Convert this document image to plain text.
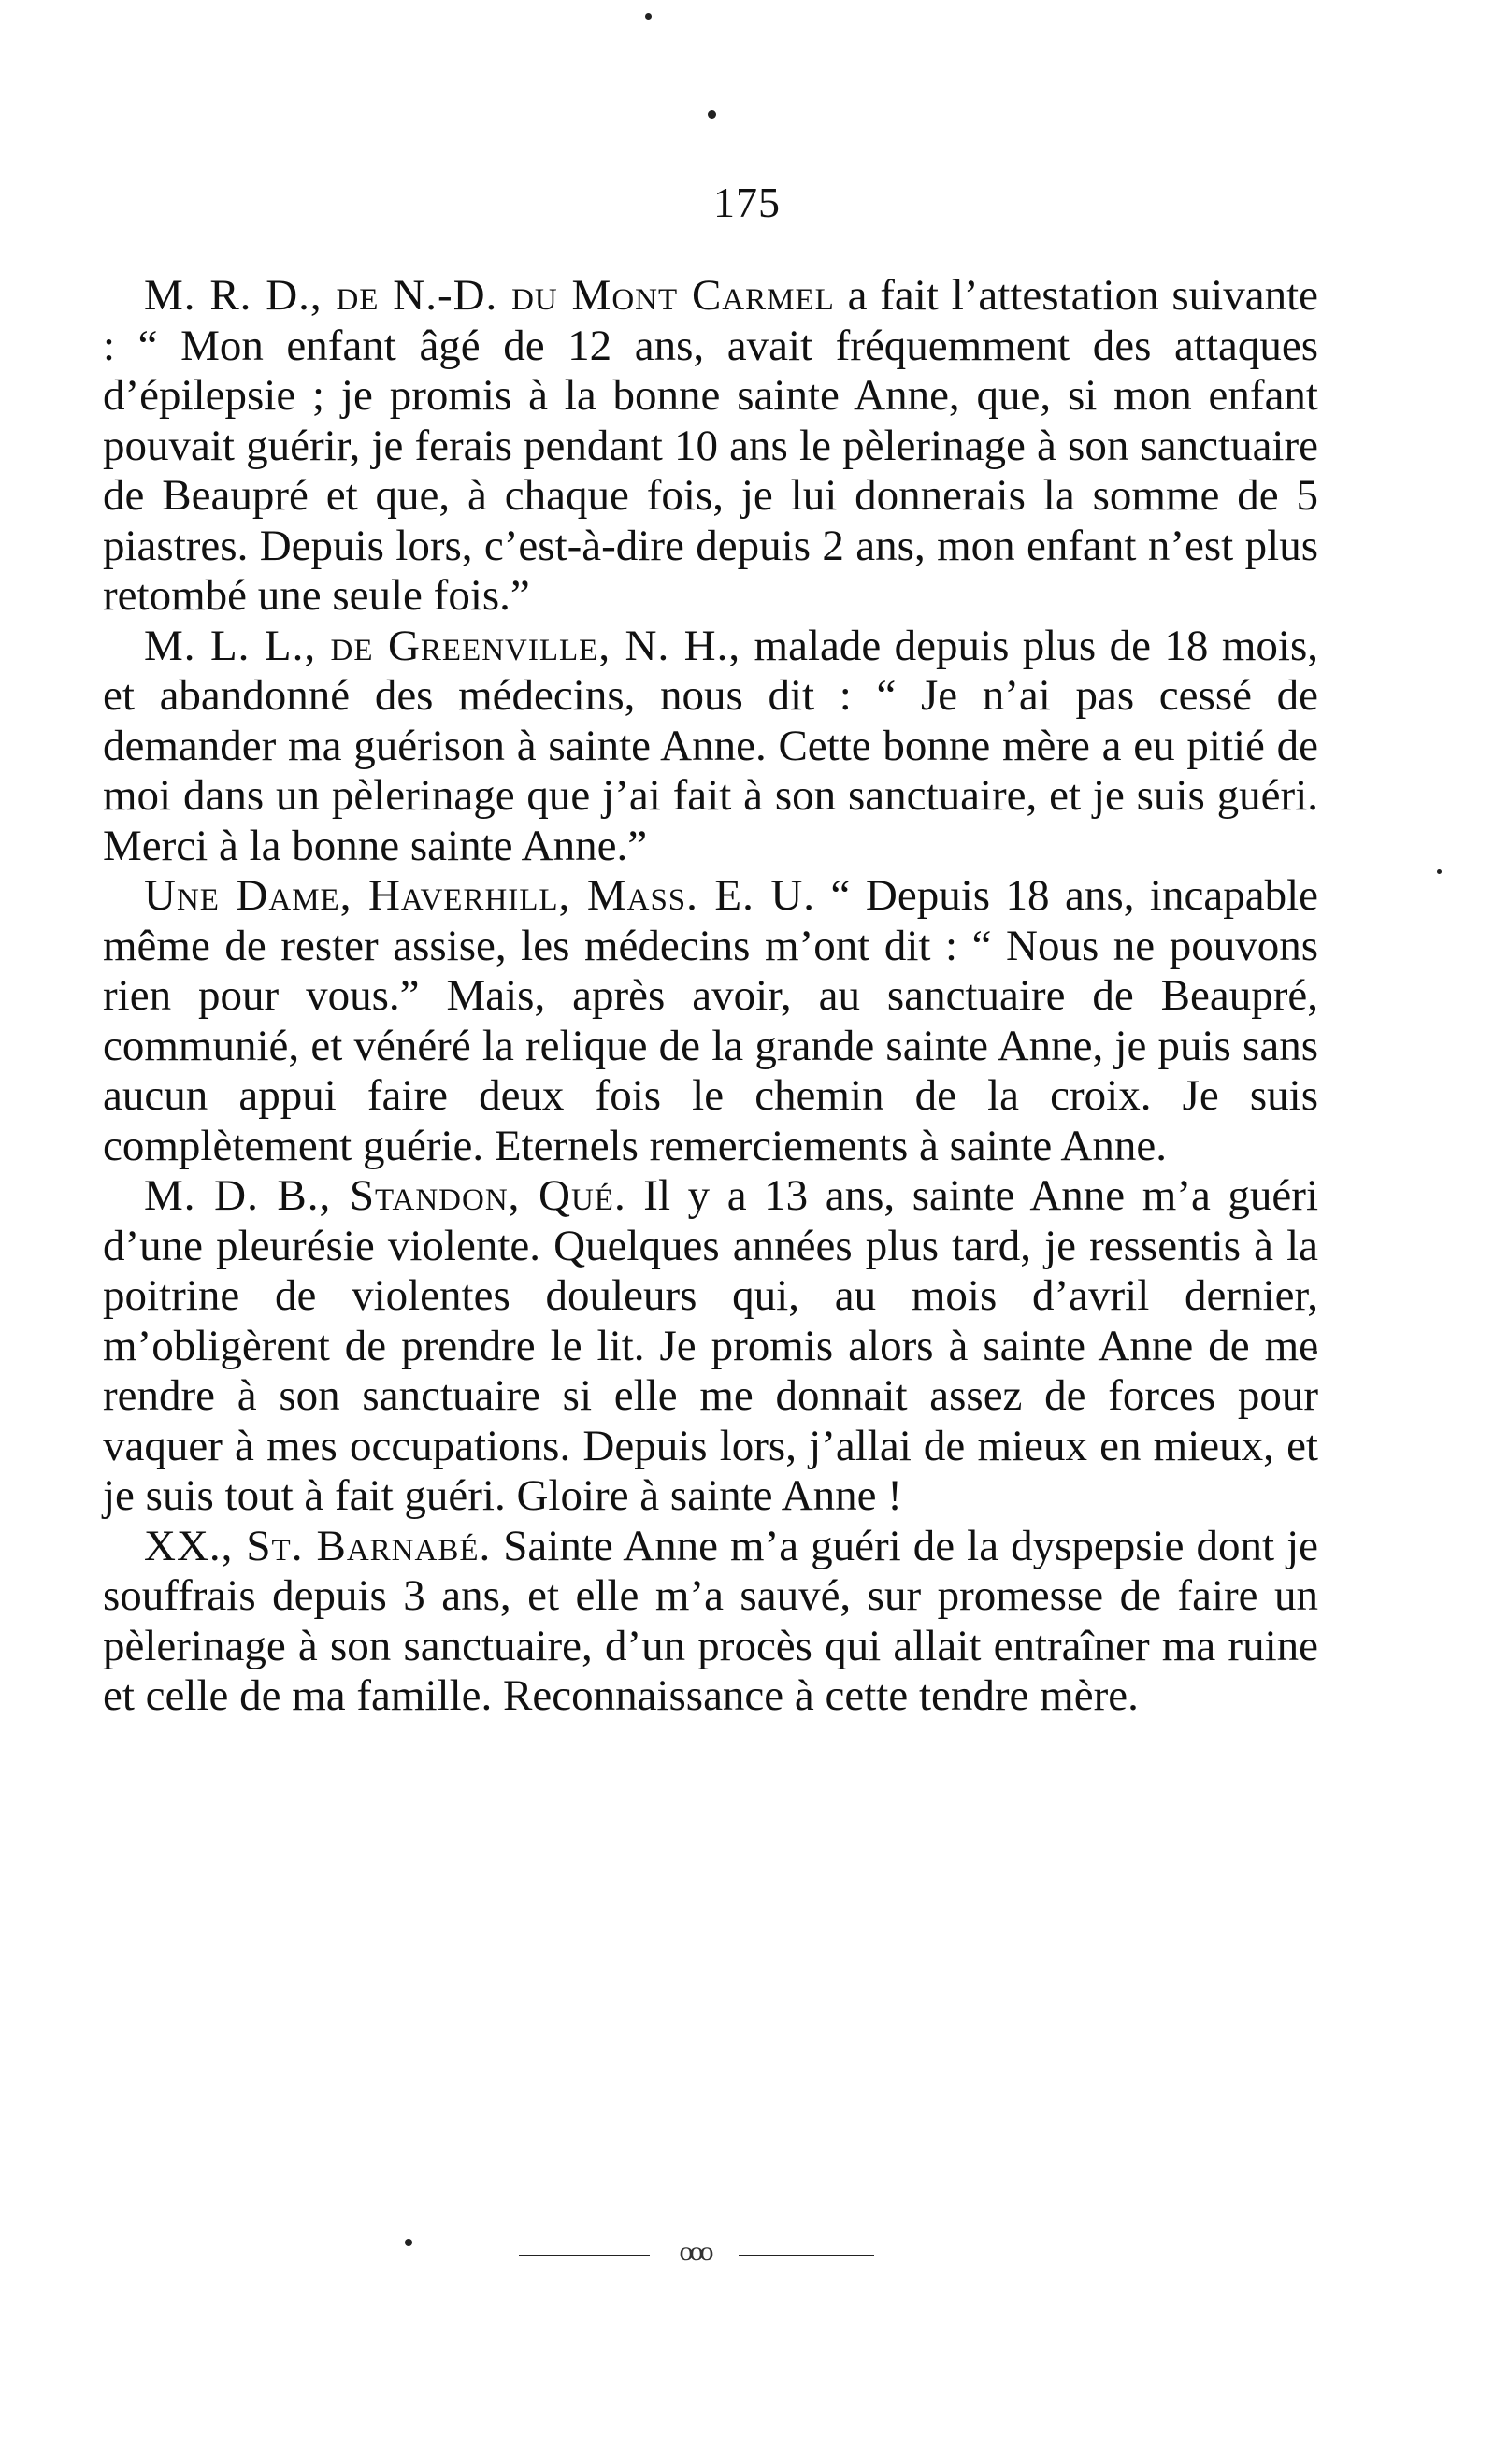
175

M. R. D., de N.-D. du Mont Carmel a fait l’attestation suivante : “ Mon enfant âgé de 12 ans, avait fréquemment des attaques d’épilepsie ; je promis à la bonne sainte Anne, que, si mon enfant pouvait guérir, je ferais pendant 10 ans le pèlerinage à son sanctuaire de Beaupré et que, à chaque fois, je lui donnerais la somme de 5 piastres. Depuis lors, c’est-à-dire depuis 2 ans, mon enfant n’est plus retombé une seule fois.”

M. L. L., de Greenville, N. H., malade depuis plus de 18 mois, et abandonné des médecins, nous dit : “ Je n’ai pas cessé de demander ma guérison à sainte Anne. Cette bonne mère a eu pitié de moi dans un pèlerinage que j’ai fait à son sanctuaire, et je suis guéri. Merci à la bonne sainte Anne.”

Une Dame, Haverhill, Mass. E. U. “ Depuis 18 ans, incapable même de rester assise, les médecins m’ont dit : “ Nous ne pouvons rien pour vous.” Mais, après avoir, au sanctuaire de Beaupré, communié, et vénéré la relique de la grande sainte Anne, je puis sans aucun appui faire deux fois le chemin de la croix. Je suis complètement guérie. Eternels remerciements à sainte Anne.

M. D. B., Standon, Qué. Il y a 13 ans, sainte Anne m’a guéri d’une pleurésie violente. Quelques années plus tard, je ressentis à la poitrine de violentes douleurs qui, au mois d’avril dernier, m’obligèrent de prendre le lit. Je promis alors à sainte Anne de me rendre à son sanctuaire si elle me donnait assez de forces pour vaquer à mes occupations. Depuis lors, j’allai de mieux en mieux, et je suis tout à fait guéri. Gloire à sainte Anne !

XX., St. Barnabé. Sainte Anne m’a guéri de la dyspepsie dont je souffrais depuis 3 ans, et elle m’a sauvé, sur promesse de faire un pèlerinage à son sanctuaire, d’un procès qui allait entraîner ma ruine et celle de ma famille. Reconnaissance à cette tendre mère.

ooo
